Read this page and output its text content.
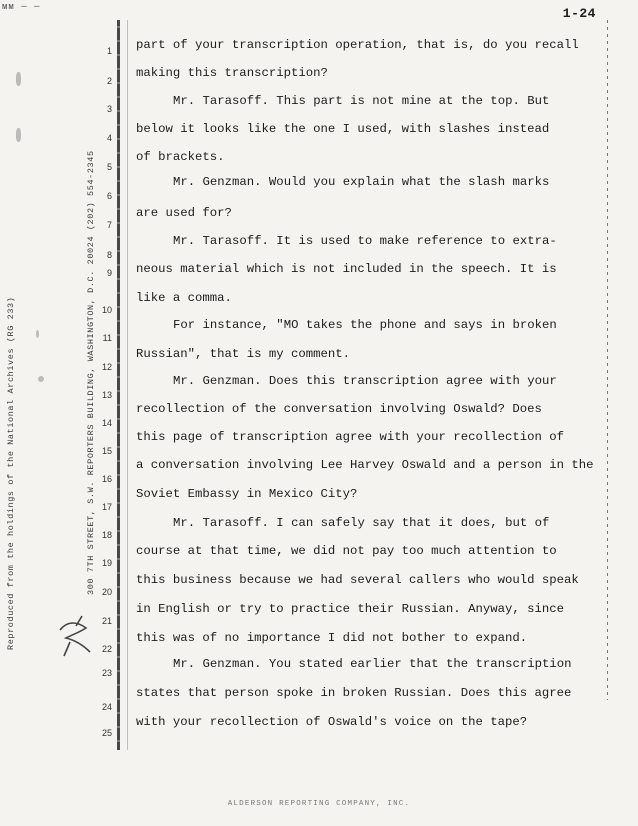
ᴍᴍ ─ ─	1-24
Reproduced from the holdings of the National Archives (RG 233)	300 7TH STREET, S.W. REPORTERS BUILDING, WASHINGTON, D.C. 20024 (202) 554-2345
1
2
3
4
5
6
7
8
9
10
11
12
13
14
15
16
17
18
19
20
21
22
23
24
25
part of your transcription operation, that is, do you recall
making this transcription?
Mr. Tarasoff. This part is not mine at the top. But
below it looks like the one I used, with slashes instead
of brackets.
Mr. Genzman. Would you explain what the slash marks
are used for?
Mr. Tarasoff. It is used to make reference to extra-
neous material which is not included in the speech. It is
like a comma.
For instance, "MO takes the phone and says in broken
Russian", that is my comment.
Mr. Genzman. Does this transcription agree with your
recollection of the conversation involving Oswald? Does
this page of transcription agree with your recollection of
a conversation involving Lee Harvey Oswald and a person in the
Soviet Embassy in Mexico City?
Mr. Tarasoff. I can safely say that it does, but of
course at that time, we did not pay too much attention to
this business because we had several callers who would speak
in English or try to practice their Russian. Anyway, since
this was of no importance I did not bother to expand.
Mr. Genzman. You stated earlier that the transcription
states that person spoke in broken Russian. Does this agree
with your recollection of Oswald's voice on the tape?
ALDERSON REPORTING COMPANY, INC.
